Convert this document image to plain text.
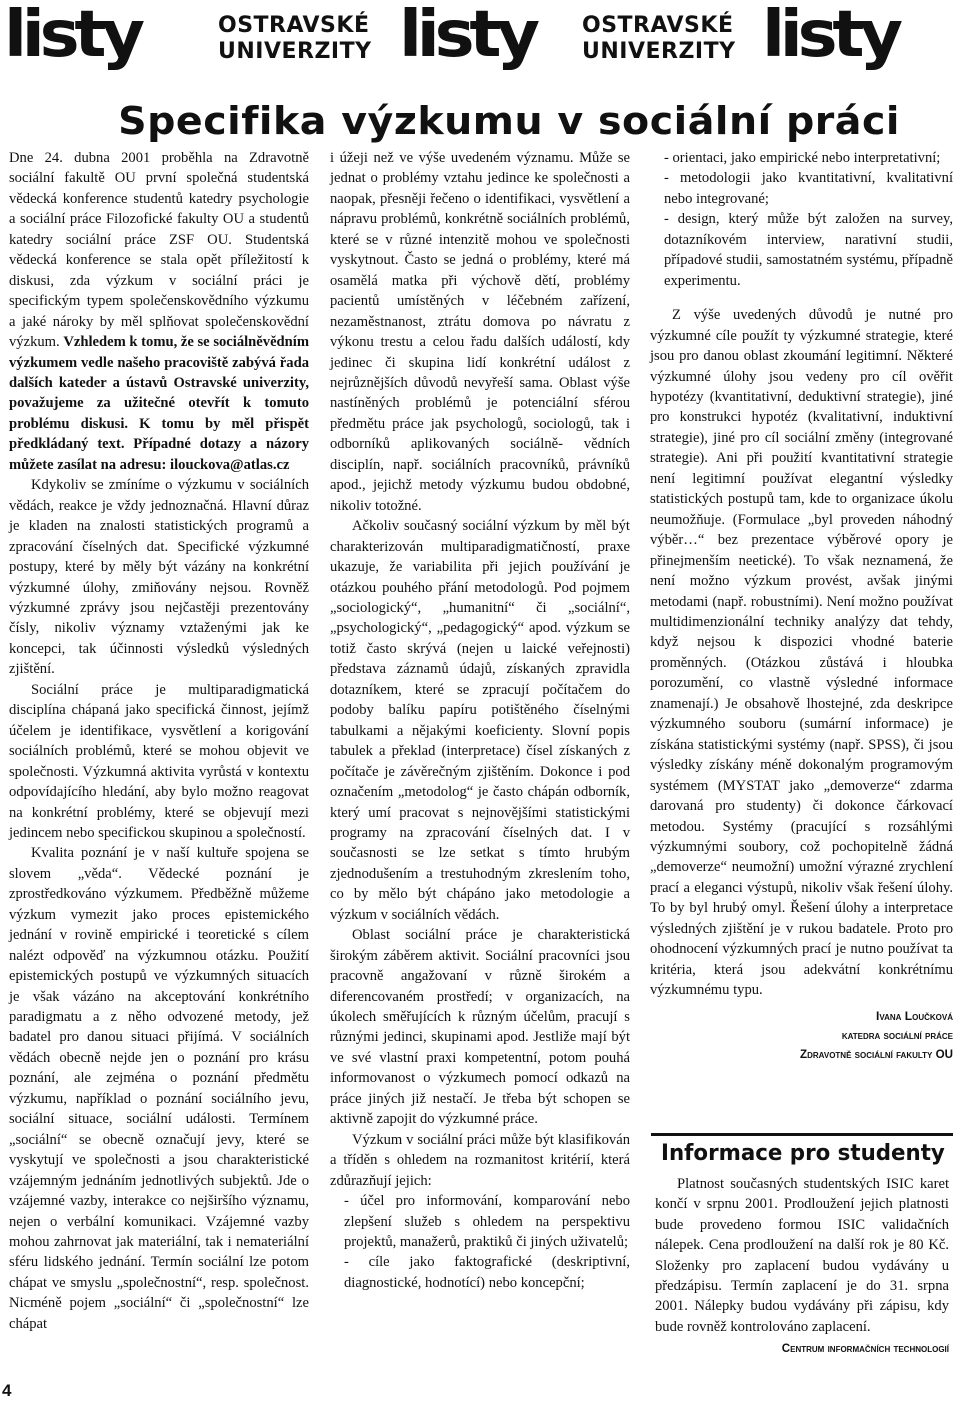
listy	OSTRAVSKÉ
UNIVERZITY listy OSTRAVSKÉ
UNIVERZITY listy
Specifika výzkumu v sociální práci

Dne 24. dubna 2001 proběhla na Zdravotně sociální fakultě OU první společná studentská vědecká konference studentů katedry psychologie a sociální práce Filozofické fakulty OU a studentů katedry sociální práce ZSF OU. Studentská vědecká konference se stala opět příležitostí k diskusi, zda výzkum v sociální práci je specifickým typem společenskovědního výzkumu a jaké nároky by měl splňovat společenskovědní výzkum. Vzhledem k tomu, že se sociálněvědním výzkumem vedle našeho pracoviště zabývá řada dalších kateder a ústavů Ostravské univerzity, považujeme za užitečné otevřít k tomuto problému diskusi. K tomu by měl přispět předkládaný text. Případné dotazy a názory můžete zasílat na adresu: ilouckova@atlas.cz

Kdykoliv se zmíníme o výzkumu v sociálních vědách, reakce je vždy jednoznačná. Hlavní důraz je kladen na znalosti statistických programů a zpracování číselných dat. Specifické výzkumné postupy, které by měly být vázány na konkrétní výzkumné úlohy, zmiňovány nejsou. Rovněž výzkumné zprávy jsou nejčastěji prezentovány čísly, nikoliv významy vztaženými jak ke koncepci, tak účinnosti výsledků výsledných zjištění.

Sociální práce je multiparadigmatická disciplína chápaná jako specifická činnost, jejímž účelem je identifikace, vysvětlení a korigování sociálních problémů, které se mohou objevit ve společnosti. Výzkumná aktivita vyrůstá v kontextu odpovídajícího hledání, aby bylo možno reagovat na konkrétní problémy, které se objevují mezi jedincem nebo specifickou skupinou a společností.

Kvalita poznání je v naší kultuře spojena se slovem „věda“. Vědecké poznání je zprostředkováno výzkumem. Předběžně můžeme výzkum vymezit jako proces epistemického jednání v rovině empirické i teoretické s cílem nalézt odpověď na výzkumnou otázku. Použití epistemických postupů ve výzkumných situacích je však vázáno na akceptování konkrétního paradigmatu a z něho odvozené metody, jež badatel pro danou situaci přijímá. V sociálních vědách obecně nejde jen o poznání pro krásu poznání, ale zejména o poznání předmětu výzkumu, například o poznání sociálního jevu, sociální situace, sociální události. Termínem „sociální“ se obecně označují jevy, které se vyskytují ve společnosti a jsou charakteristické vzájemným jednáním jednotlivých subjektů. Jde o vzájemné vazby, interakce co nejširšího významu, nejen o verbální komunikaci. Vzájemné vazby mohou zahrnovat jak materiální, tak i nemateriální sféru lidského jednání. Termín sociální lze potom chápat ve smyslu „společnostní“, resp. společnost. Nicméně pojem „sociální“ či „společnostní“ lze chápat

i úžeji než ve výše uvedeném významu. Může se jednat o problémy vztahu jedince ke společnosti a naopak, přesněji řečeno o identifikaci, vysvětlení a nápravu problémů, konkrétně sociálních problémů, které se v různé intenzitě mohou ve společnosti vyskytnout. Často se jedná o problémy, které má osamělá matka při výchově dětí, problémy pacientů umístěných v léčebném zařízení, nezaměstnanost, ztrátu domova po návratu z výkonu trestu a celou řadu dalších událostí, kdy jedinec či skupina lidí konkrétní událost z nejrůznějších důvodů nevyřeší sama. Oblast výše nastíněných problémů je potenciální sférou předmětu práce jak psychologů, sociologů, tak i odborníků aplikovaných sociálně- vědních disciplín, např. sociálních pracovníků, právníků apod., jejichž metody výzkumu budou obdobné, nikoliv totožné.

Ačkoliv současný sociální výzkum by měl být charakterizován multiparadigmatičností, praxe ukazuje, že variabilita při jejich používání je otázkou pouhého přání metodologů. Pod pojmem „sociologický“, „humanitní“ či „sociální“, „psychologický“, „pedagogický“ apod. výzkum se totiž často skrývá (nejen u laické veřejnosti) představa záznamů údajů, získaných zpravidla dotazníkem, které se zpracují počítačem do podoby balíku papíru potištěného číselnými tabulkami a nějakými koeficienty. Slovní popis tabulek a překlad (interpretace) čísel získaných z počítače je závěrečným zjištěním. Dokonce i pod označením „metodolog“ je často chápán odborník, který umí pracovat s nejnovějšími statistickými programy na zpracování číselných dat. I v současnosti se lze setkat s tímto hrubým zjednodušením a trestuhodným zkreslením toho, co by mělo být chápáno jako metodologie a výzkum v sociálních vědách.

Oblast sociální práce je charakteristická širokým záběrem aktivit. Sociální pracovníci jsou pracovně angažovaní v různě širokém a diferencovaném prostředí; v organizacích, na úkolech směřujících k různým účelům, pracují s různými jedinci, skupinami apod. Jestliže mají být ve své vlastní praxi kompetentní, potom pouhá informovanost o výzkumech pomocí odkazů na práce jiných již nestačí. Je třeba být schopen se aktivně zapojit do výzkumné práce.

Výzkum v sociální práci může být klasifikován a tříděn s ohledem na rozmanitost kritérií, která zdůrazňují jejich:

- účel pro informování, komparování nebo zlepšení služeb s ohledem na perspektivu projektů, manažerů, praktiků či jiných uživatelů;

- cíle jako faktografické (deskriptivní, diagnostické, hodnotící) nebo koncepční;

- orientaci, jako empirické nebo interpretativní;

- metodologii jako kvantitativní, kvalitativní nebo integrované;

- design, který může být založen na survey, dotazníkovém interview, narativní studii, případové studii, samostatném systému, případně experimentu.

Z výše uvedených důvodů je nutné pro výzkumné cíle použít ty výzkumné strategie, které jsou pro danou oblast zkoumání legitimní. Některé výzkumné úlohy jsou vedeny pro cíl ověřit hypotézy (kvantitativní, deduktivní strategie), jiné pro konstrukci hypotéz (kvalitativní, induktivní strategie), jiné pro cíl sociální změny (integrované strategie). Ani při použití kvantitativní strategie není legitimní používat elegantní výsledky statistických postupů tam, kde to organizace úkolu neumožňuje. (Formulace „byl proveden náhodný výběr…“ bez prezentace výběrové opory je přinejmenším neetické). To však neznamená, že není možno výzkum provést, avšak jinými metodami (např. robustními). Není možno používat multidimenzionální techniky analýzy dat tehdy, když nejsou k dispozici vhodné baterie proměnných. (Otázkou zůstává i hloubka porozumění, co vlastně výsledné informace znamenají.) Je obsahově lhostejné, zda deskripce výzkumného souboru (sumární informace) je získána statistickými systémy (např. SPSS), či jsou výsledky získány méně dokonalým programovým systémem (MYSTAT jako „demoverze“ zdarma darovaná pro studenty) či dokonce čárkovací metodou. Systémy (pracující s rozsáhlými výzkumnými soubory, což pochopitelně žádná „demoverze“ neumožní) umožní výrazné zrychlení prací a eleganci výstupů, nikoliv však řešení úlohy. To by byl hrubý omyl. Řešení úlohy a interpretace výsledných zjištění je v rukou badatele. Proto pro ohodnocení výzkumných prací je nutno používat ta kritéria, která jsou adekvátní konkrétnímu výzkumnému typu.

Ivana Loučková
katedra sociální práce
Zdravotně sociální fakulty OU
Informace pro studenty

Platnost současných studentských ISIC karet končí v srpnu 2001. Prodloužení jejich platnosti bude provedeno formou ISIC validačních nálepek. Cena prodloužení na další rok je 80 Kč. Složenky pro zaplacení budou vydávány u předzápisu. Termín zaplacení je do 31. srpna 2001. Nálepky budou vydávány při zápisu, kdy bude rovněž kontrolováno zaplacení.

Centrum informačních technologií

4
